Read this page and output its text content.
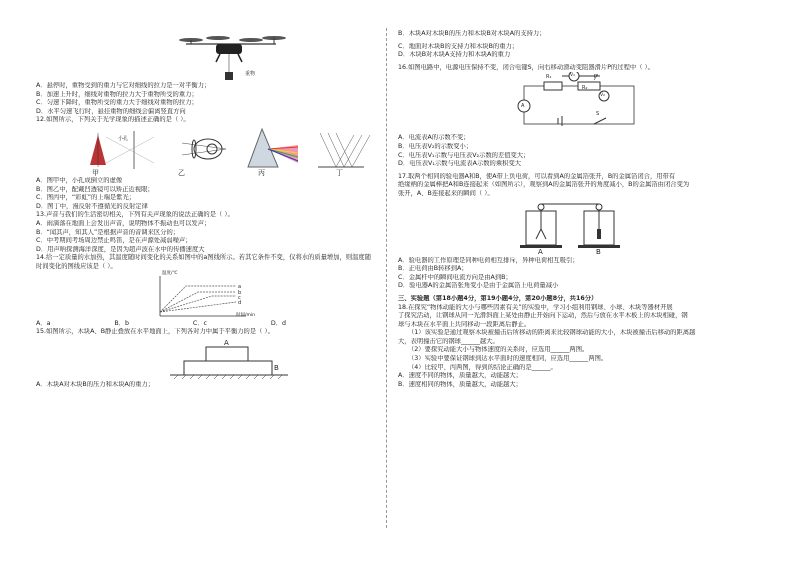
重物
A．悬停时，重物受到的重力与它对细线的拉力是一对平衡力；
B．加速上升时，细线对重物的拉力大于重物所受的重力；
C．匀速下降时，重物所受的重力大于细线对重物的拉力；
D．水平匀速飞行时，悬挂重物的细线会偏离竖直方向
12.如图所示，下列关于光学现象的描述正确的是（ ）。
小孔
甲	乙	丙	丁
A．图甲中，小孔成倒立的虚像
B．图乙中，配戴凹透镜可以矫正近视眼；
C．图丙中，“彩虹”的上端是紫光；
D．图丁中，漫反射不遵循光的反射定律
13.声音与我们的生活密切相关，下列有关声现象的说法正确的是（ ）。
A．雨滴落在地面上会发出声音，说明物体不振动也可以发声；
B．“闻其声，知其人”是根据声音的音调来区分的；
C．中考期间考场周边禁止鸣笛，是在声源处减弱噪声；
D．用声呐探测海洋深度，是因为超声波在水中的传播速度大
14.给一定质量的水加热，其温度随时间变化的关系如图中的a图线所示。若其它条件不变，仅将水的质量增加，则温度随时间变化的图线应该是（ ）。
温度/℃
时间/min
a
b
c
d
A．a	B．b	C．c	D．d
15.如图所示，木块A、B静止叠放在水平地面上，下列各对力中属于平衡力的是（ ）。
A
B
A．木块A对木块B的压力和木块A的重力；
B．木块A对木块B的压力和木块B对木块A的支持力；
C．地面对木块B的支持力和木块B的重力；
D．木块B对木块A支持力和木块A的重力
16.如图电路中，电源电压保持不变，闭合电键S，向右移动滑动变阻器滑片P的过程中（ ）。
R₁
R₂
P
V₁
V₂
A
S
A．电流表A的示数不变；
B．电压表V₂的示数变小；
C．电压表V₁示数与电压表V₂示数的差值变大；
D．电压表V₁示数与电流表A示数的乘积变大
17.取两个相同的验电器A和B，使A带上负电荷，可以看到A的金属箔张开，B的金属箔闭合，用带有
绝缘柄的金属棒把A和B连接起来（如图所示），观察到A的金属箔张开的角度减小，B的金属箔由闭合变为
张开，A、B连接起来的瞬间（ ）。
A	B
A．验电器的工作原理是同种电荷相互排斥，异种电荷相互吸引；
B．正电荷由B转移到A；
C．金属杆中的瞬间电流方向是由A到B；
D．验电器A的金属箔张角变小是由于金属箔上电荷量减小
三、实验题（第18小题4分，第19小题4分，第20小题8分，共16分）
18.在探究“物体动能的大小与哪些因素有关”的实验中，学习小组利用钢球、小球、木块等器材开展
了探究活动，让钢球从同一光滑斜面上某处由静止开始向下运动，然后与放在水平木板上的木块相碰，钢
球与木块在水平面上共同移动一段距离后静止。
（1）该实验是通过观察木块被撞击后所移动的距离来比较钢球动能的大小，木块被撞击后移动的距离越
大，表明撞击它的钢球______越大。
（2）要探究动能大小与物体速度的关系时，应选用______两图。
（3）实验中要保证钢球到达水平面时的速度相同，应选用______两图。
（4）比较甲、丙两图，得到的结论正确的是______。
A．速度不同的物体，质量越大，动能越大；
B．速度相同的物体，质量越大，动能越大；
